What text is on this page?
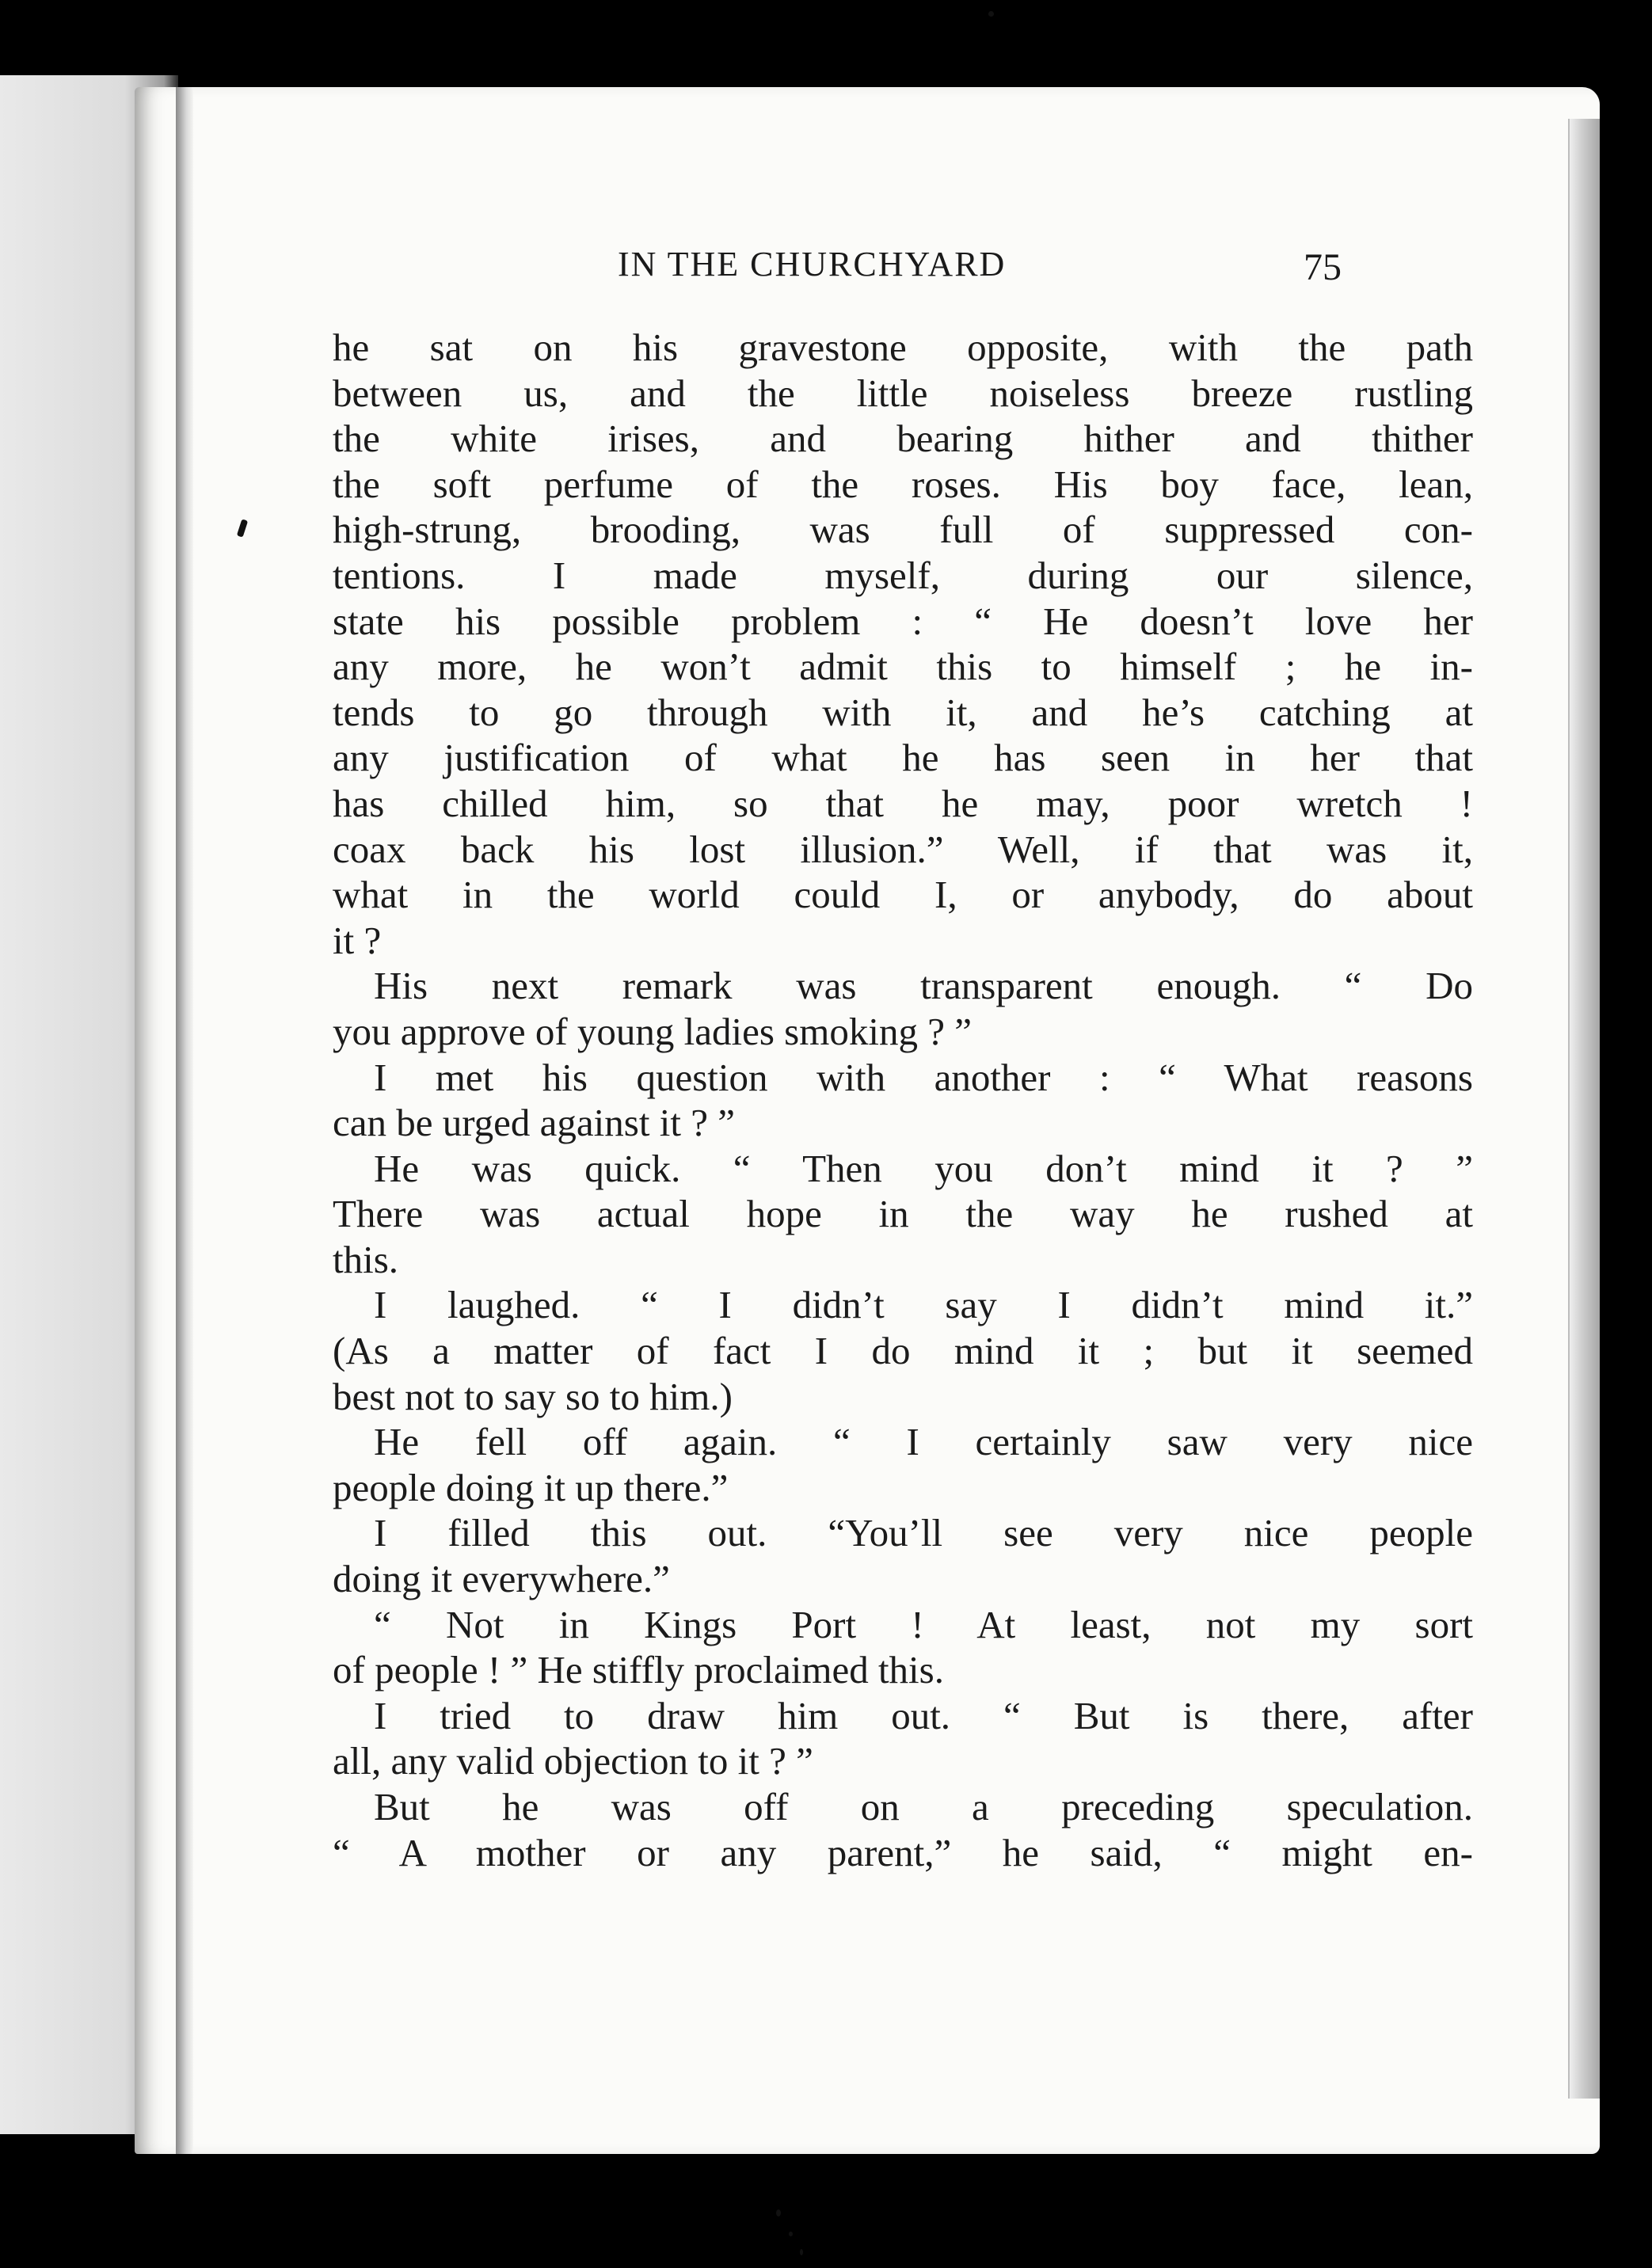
IN THE CHURCHYARD	75
he sat on his gravestone opposite, with the path
between us, and the little noiseless breeze rustling
the white irises, and bearing hither and thither
the soft perfume of the roses. His boy face, lean,
high-strung, brooding, was full of suppressed con-
tentions. I made myself, during our silence,
state his possible problem : “ He doesn’t love her
any more, he won’t admit this to himself ; he in-
tends to go through with it, and he’s catching at
any justification of what he has seen in her that
has chilled him, so that he may, poor wretch !
coax back his lost illusion.” Well, if that was it,
what in the world could I, or anybody, do about
it ?
His next remark was transparent enough. “ Do
you approve of young ladies smoking ? ”
I met his question with another : “ What reasons
can be urged against it ? ”
He was quick. “ Then you don’t mind it ? ”
There was actual hope in the way he rushed at
this.
I laughed. “ I didn’t say I didn’t mind it.”
(As a matter of fact I do mind it ; but it seemed
best not to say so to him.)
He fell off again. “ I certainly saw very nice
people doing it up there.”
I filled this out. “You’ll see very nice people
doing it everywhere.”
“ Not in Kings Port ! At least, not my sort
of people ! ” He stiffly proclaimed this.
I tried to draw him out. “ But is there, after
all, any valid objection to it ? ”
But he was off on a preceding speculation.
“ A mother or any parent,” he said, “ might en-
